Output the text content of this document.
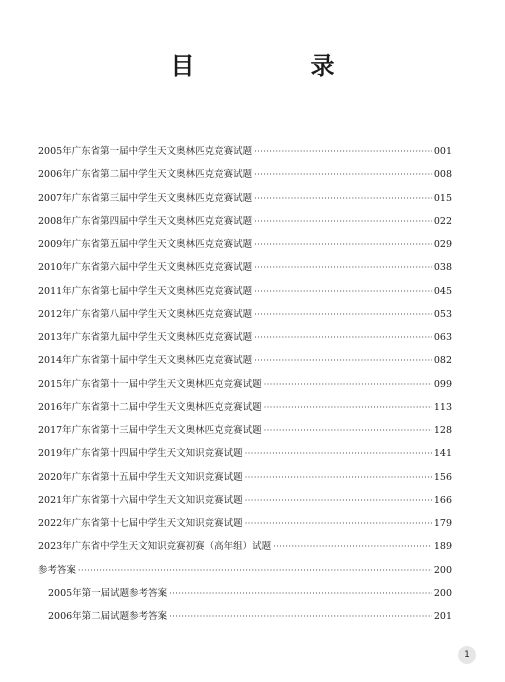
目　录
2005年广东省第一届中学生天文奥林匹克竞赛试题 ·····	001
2006年广东省第二届中学生天文奥林匹克竞赛试题 ·····	008
2007年广东省第三届中学生天文奥林匹克竞赛试题 ·····	015
2008年广东省第四届中学生天文奥林匹克竞赛试题 ·····	022
2009年广东省第五届中学生天文奥林匹克竞赛试题 ·····	029
2010年广东省第六届中学生天文奥林匹克竞赛试题 ·····	038
2011年广东省第七届中学生天文奥林匹克竞赛试题 ·····	045
2012年广东省第八届中学生天文奥林匹克竞赛试题 ·····	053
2013年广东省第九届中学生天文奥林匹克竞赛试题 ·····	063
2014年广东省第十届中学生天文奥林匹克竞赛试题 ·····	082
2015年广东省第十一届中学生天文奥林匹克竞赛试题 ·····	099
2016年广东省第十二届中学生天文奥林匹克竞赛试题 ·····	113
2017年广东省第十三届中学生天文奥林匹克竞赛试题 ·····	128
2019年广东省第十四届中学生天文知识竞赛试题 ·····	141
2020年广东省第十五届中学生天文知识竞赛试题 ·····	156
2021年广东省第十六届中学生天文知识竞赛试题 ·····	166
2022年广东省第十七届中学生天文知识竞赛试题 ·····	179
2023年广东省中学生天文知识竞赛初赛（高年组）试题 ·····	189
参考答案 ·····	200
2005年第一届试题参考答案 ·····	200
2006年第二届试题参考答案 ·····	201
1
